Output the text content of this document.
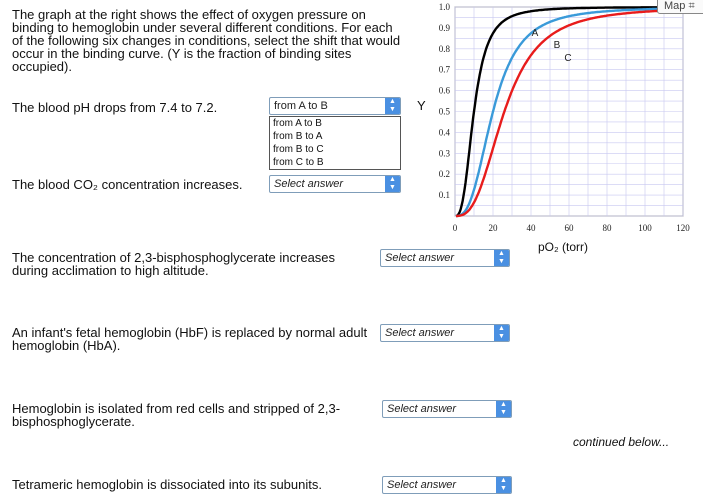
The graph at the right shows the effect of oxygen pressure on binding to hemoglobin under several different conditions. For each of the following six changes in conditions, select the shift that would occur in the binding curve. (Y is the fraction of binding sites occupied).
The blood pH drops from 7.4 to 7.2.	from A to B	▲
▼
from A to B
from B to A
from B to C
from C to B
The blood CO₂ concentration increases.	Select answer	▲
▼
The concentration of 2,3-bisphosphoglycerate increases during acclimation to high altitude.
Select answer	▲
▼
An infant's fetal hemoglobin (HbF) is replaced by normal adult hemoglobin (HbA).
Select answer	▲
▼
Hemoglobin is isolated from red cells and stripped of 2,3-bisphosphoglycerate.
Select answer	▲
▼
Tetrameric hemoglobin is dissociated into its subunits.	Select answer	▲
▼
continued below...
0	20	40	60	80	100	120
0.1
0.2
0.3
0.4
0.5
0.6
0.7
0.8
0.9
1.0
A
B
C
Y
pO₂ (torr)
Map ⌗
